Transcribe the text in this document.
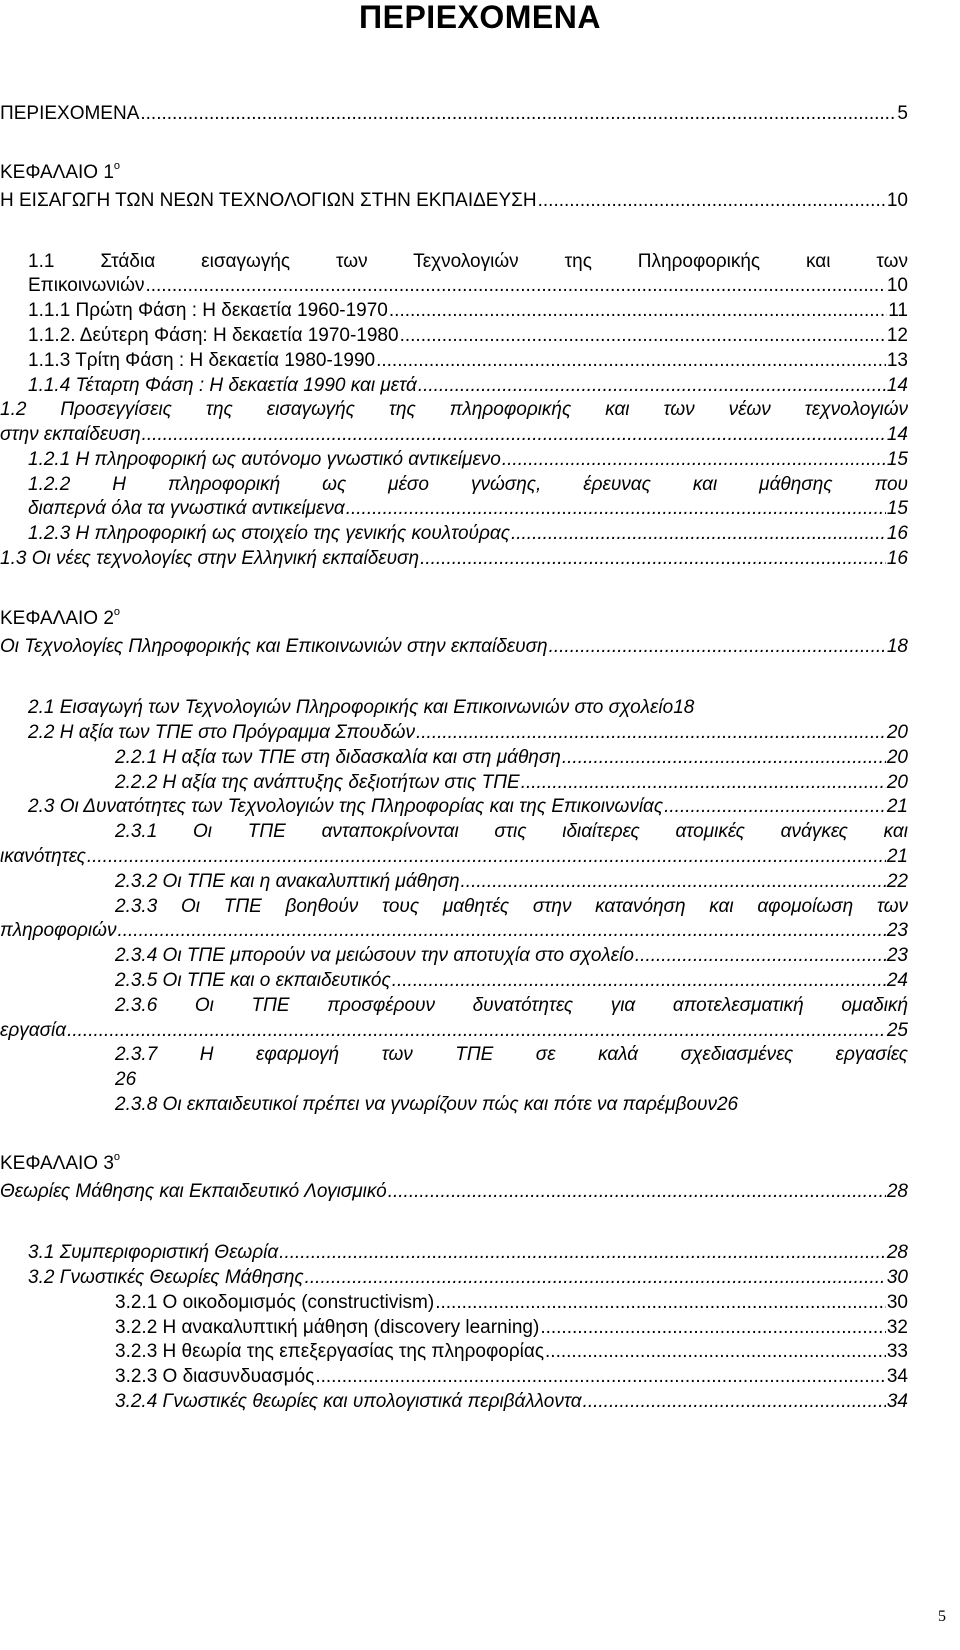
ΠΕΡΙΕΧΟΜΕΝΑ
ΠΕΡΙΕΧΟΜΕΝΑ .....	5
ΚΕΦΑΛΑΙΟ $1^o$
Η ΕΙΣΑΓΩΓΗ ΤΩΝ ΝΕΩΝ ΤΕΧΝΟΛΟΓΙΩΝ ΣΤΗΝ ΕΚΠΑΙΔΕΥΣΗ .....	10
1.1 Στάδια εισαγωγής των Τεχνολογιών της Πληροφορικής και των
Επικοινωνιών .....	10
1.1.1 Πρώτη Φάση : Η δεκαετία 1960-1970 .....	11
1.1.2. Δεύτερη Φάση: Η δεκαετία 1970-1980 .....	12
1.1.3 Τρίτη Φάση : Η δεκαετία 1980-1990 .....	13
1.1.4 Τέταρτη Φάση : Η δεκαετία 1990 και μετά .....	14
1.2 Προσεγγίσεις της εισαγωγής της πληροφορικής και των νέων τεχνολογιών
στην εκπαίδευση .....	14
1.2.1 Η πληροφορική ως αυτόνομο γνωστικό αντικείμενο .....	15
1.2.2 Η πληροφορική ως μέσο γνώσης, έρευνας και μάθησης που
διαπερνά όλα τα γνωστικά αντικείμενα .....	15
1.2.3 Η πληροφορική ως στοιχείο της γενικής κουλτούρας .....	16
1.3 Οι νέες τεχνολογίες στην Ελληνική εκπαίδευση .....	16
ΚΕΦΑΛΑΙΟ $2^o$
Οι Τεχνολογίες Πληροφορικής και Επικοινωνιών στην εκπαίδευση .....	18
2.1 Εισαγωγή των Τεχνολογιών Πληροφορικής και Επικοινωνιών στο σχολείο 18
2.2 Η αξία των ΤΠΕ στο Πρόγραμμα Σπουδών .....	20
2.2.1 Η αξία των ΤΠΕ στη διδασκαλία και στη μάθηση .....	20
2.2.2 Η αξία της ανάπτυξης δεξιοτήτων στις ΤΠΕ .....	20
2.3 Οι Δυνατότητες των Τεχνολογιών της Πληροφορίας και της Επικοινωνίας .....	21
2.3.1 Οι ΤΠΕ ανταποκρίνονται στις ιδιαίτερες ατομικές ανάγκες και
ικανότητες .....	21
2.3.2 Οι ΤΠΕ και η ανακαλυπτική μάθηση .....	22
2.3.3 Οι ΤΠΕ βοηθούν τους μαθητές στην κατανόηση και αφομοίωση των
πληροφοριών .....	23
2.3.4 Οι ΤΠΕ μπορούν να μειώσουν την αποτυχία στο σχολείο .....	23
2.3.5 Οι ΤΠΕ και ο εκπαιδευτικός .....	24
2.3.6 Οι ΤΠΕ προσφέρουν δυνατότητες για αποτελεσματική ομαδική
εργασία .....	25
2.3.7 Η εφαρμογή των ΤΠΕ σε καλά σχεδιασμένες εργασίες
26
2.3.8 Οι εκπαιδευτικοί πρέπει να γνωρίζουν πώς και πότε να παρέμβουν 26
ΚΕΦΑΛΑΙΟ $3^o$
Θεωρίες Μάθησης και Εκπαιδευτικό Λογισμικό .....	28
3.1 Συμπεριφοριστική Θεωρία .....	28
3.2 Γνωστικές Θεωρίες Μάθησης .....	30
3.2.1 Ο οικοδομισμός (constructivism) .....	30
3.2.2 Η ανακαλυπτική μάθηση (discovery learning) .....	32
3.2.3 Η θεωρία της επεξεργασίας της πληροφορίας .....	33
3.2.3 Ο διασυνδυασμός .....	34
3.2.4 Γνωστικές θεωρίες και υπολογιστικά περιβάλλοντα .....	34
5
